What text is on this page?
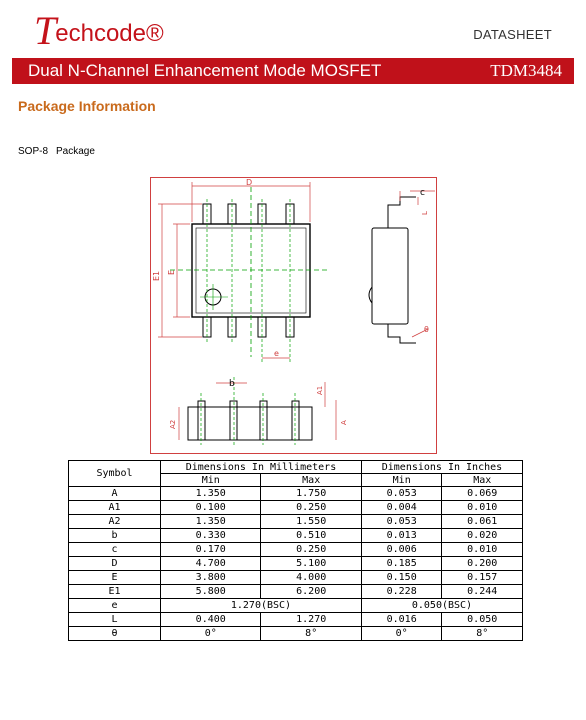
T echcode®	DATASHEET
Dual N-Channel Enhancement Mode MOSFET	TDM3484
Package Information
SOP-8 Package
D
E1 E
e
c
L
θ
b
A2
A1
A
Symbol	Dimensions In Millimeters		Dimensions In Inches	
	Min	Max	Min	Max
A	1.350	1.750	0.053	0.069
A1	0.100	0.250	0.004	0.010
A2	1.350	1.550	0.053	0.061
b	0.330	0.510	0.013	0.020
c	0.170	0.250	0.006	0.010
D	4.700	5.100	0.185	0.200
E	3.800	4.000	0.150	0.157
E1	5.800	6.200	0.228	0.244
e	1.270(BSC)		0.050(BSC)	
L	0.400	1.270	0.016	0.050
θ	0°	8°	0°	8°
